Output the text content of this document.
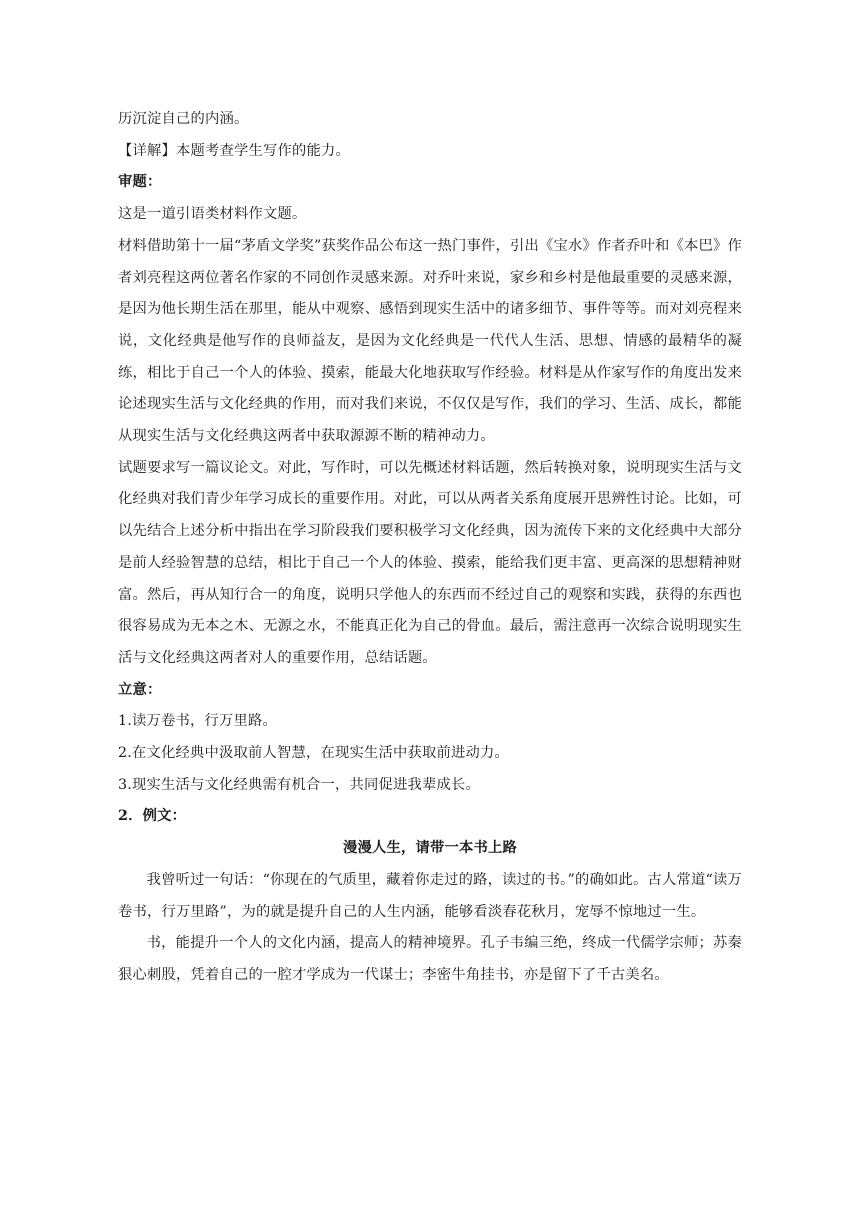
历沉淀自己的内涵。

【详解】本题考查学生写作的能力。

审题：

这是一道引语类材料作文题。

材料借助第十一届“茅盾文学奖”获奖作品公布这一热门事件，引出《宝水》作者乔叶和《本巴》作者刘亮程这两位著名作家的不同创作灵感来源。对乔叶来说，家乡和乡村是他最重要的灵感来源，是因为他长期生活在那里，能从中观察、感悟到现实生活中的诸多细节、事件等等。而对刘亮程来说，文化经典是他写作的良师益友，是因为文化经典是一代代人生活、思想、情感的最精华的凝练，相比于自己一个人的体验、摸索，能最大化地获取写作经验。材料是从作家写作的角度出发来论述现实生活与文化经典的作用，而对我们来说，不仅仅是写作，我们的学习、生活、成长，都能从现实生活与文化经典这两者中获取源源不断的精神动力。

试题要求写一篇议论文。对此，写作时，可以先概述材料话题，然后转换对象，说明现实生活与文化经典对我们青少年学习成长的重要作用。对此，可以从两者关系角度展开思辨性讨论。比如，可以先结合上述分析中指出在学习阶段我们要积极学习文化经典，因为流传下来的文化经典中大部分是前人经验智慧的总结，相比于自己一个人的体验、摸索，能给我们更丰富、更高深的思想精神财富。然后，再从知行合一的角度，说明只学他人的东西而不经过自己的观察和实践，获得的东西也很容易成为无本之木、无源之水，不能真正化为自己的骨血。最后，需注意再一次综合说明现实生活与文化经典这两者对人的重要作用，总结话题。

立意：

1.读万卷书，行万里路。

2.在文化经典中汲取前人智慧，在现实生活中获取前进动力。

3.现实生活与文化经典需有机合一，共同促进我辈成长。

2．例文：

漫漫人生，请带一本书上路

我曾听过一句话：“你现在的气质里，藏着你走过的路，读过的书。”的确如此。古人常道“读万卷书，行万里路”，为的就是提升自己的人生内涵，能够看淡春花秋月，宠辱不惊地过一生。

书，能提升一个人的文化内涵，提高人的精神境界。孔子韦编三绝，终成一代儒学宗师；苏秦狠心刺股，凭着自己的一腔才学成为一代谋士；李密牛角挂书，亦是留下了千古美名。
